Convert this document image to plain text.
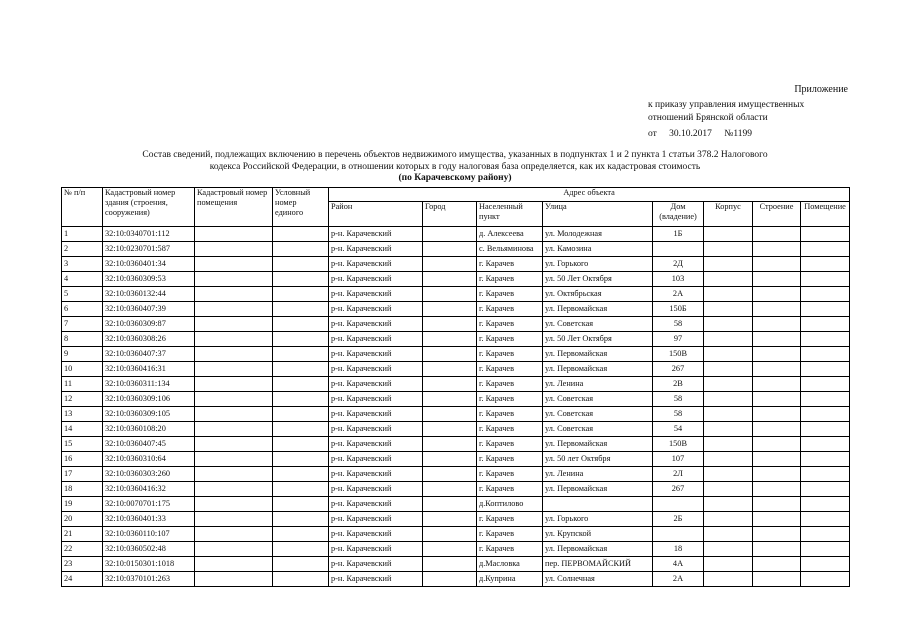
Приложение
к приказу управления имущественных
отношений Брянской области
от 30.10.2017 №1199
Состав сведений, подлежащих включению в перечень объектов недвижимого имущества, указанных в подпунктах 1 и 2 пункта 1 статьи 378.2 Налогового
кодекса Российской Федерации, в отношении которых в году налоговая база определяется, как их кадастровая стоимость
(по Карачевскому району)
№ п/п	Кадастровый номер здания (строения, сооружения)	Кадастровый номер помещения	Условный номер единого	Адрес объекта							
				Район	Город	Населенный пункт	Улица	Дом (владение)	Корпус	Строение	Помещение
1	32:10:0340701:112			р-н. Карачевский		д. Алексеева	ул. Молодежная	1Б			
2	32:10:0230701:587			р-н. Карачевский		с. Вельяминова	ул. Камозина				
3	32:10:0360401:34			р-н. Карачевский		г. Карачев	ул. Горького	2Д			
4	32:10:0360309:53			р-н. Карачевский		г. Карачев	ул. 50 Лет Октября	103			
5	32:10:0360132:44			р-н. Карачевский		г. Карачев	ул. Октябрьская	2А			
6	32:10:0360407:39			р-н. Карачевский		г. Карачев	ул. Первомайская	150Б			
7	32:10:0360309:87			р-н. Карачевский		г. Карачев	ул. Советская	58			
8	32:10:0360308:26			р-н. Карачевский		г. Карачев	ул. 50 Лет Октября	97			
9	32:10:0360407:37			р-н. Карачевский		г. Карачев	ул. Первомайская	150В			
10	32:10:0360416:31			р-н. Карачевский		г. Карачев	ул. Первомайская	267			
11	32:10:0360311:134			р-н. Карачевский		г. Карачев	ул. Ленина	2В			
12	32:10:0360309:106			р-н. Карачевский		г. Карачев	ул. Советская	58			
13	32:10:0360309:105			р-н. Карачевский		г. Карачев	ул. Советская	58			
14	32:10:0360108:20			р-н. Карачевский		г. Карачев	ул. Советская	54			
15	32:10:0360407:45			р-н. Карачевский		г. Карачев	ул. Первомайская	150В			
16	32:10:0360310:64			р-н. Карачевский		г. Карачев	ул. 50 лет Октября	107			
17	32:10:0360303:260			р-н. Карачевский		г. Карачев	ул. Ленина	2Л			
18	32:10:0360416:32			р-н. Карачевский		г. Карачев	ул. Первомайская	267			
19	32:10:0070701:175			р-н. Карачевский		д.Коптилово					
20	32:10:0360401:33			р-н. Карачевский		г. Карачев	ул. Горького	2Б			
21	32:10:0360110:107			р-н. Карачевский		г. Карачев	ул. Крупской				
22	32:10:0360502:48			р-н. Карачевский		г. Карачев	ул. Первомайская	18			
23	32:10:0150301:1018			р-н. Карачевский		д.Масловка	пер. ПЕРВОМАЙСКИЙ	4А			
24	32:10:0370101:263			р-н. Карачевский		д.Куприна	ул. Солнечная	2А			
